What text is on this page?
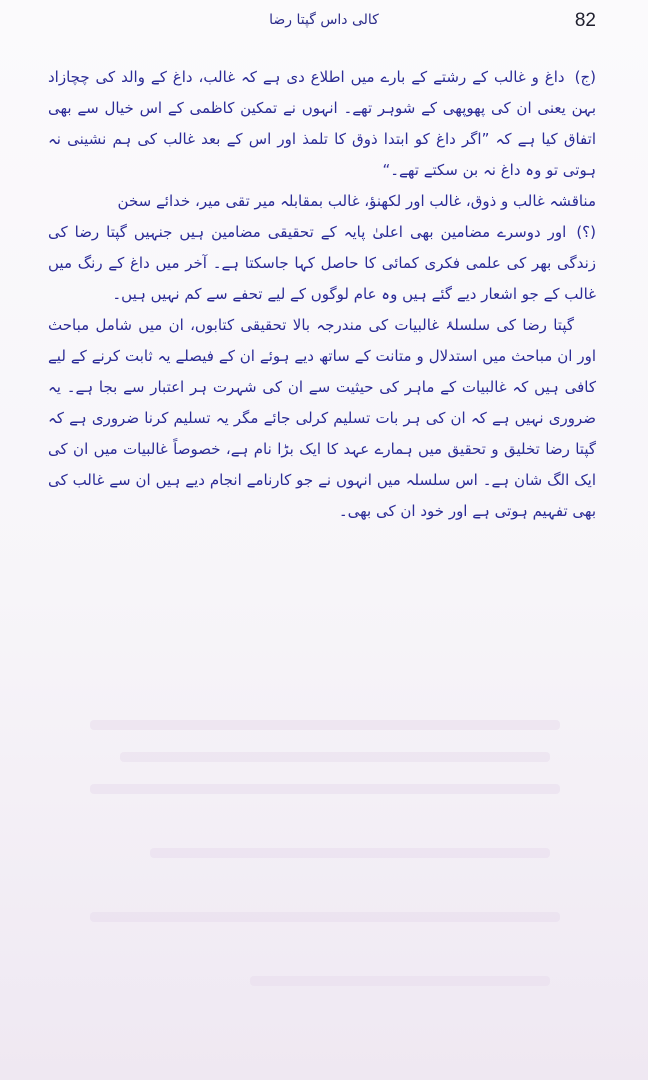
82
کالی داس گپتا رضا

(ج)داغ و غالب کے رشتے کے بارے میں اطلاع دی ہے کہ غالب، داغ کے والد کی چچازاد بہن یعنی ان کی پھوپھی کے شوہر تھے۔ انہوں نے تمکین کاظمی کے اس خیال سے بھی اتفاق کیا ہے کہ ”اگر داغ کو ابتدا ذوق کا تلمذ اور اس کے بعد غالب کی ہم نشینی نہ ہوتی تو وہ داغ نہ بن سکتے تھے۔“

مناقشہ غالب و ذوق، غالب اور لکھنؤ، غالب بمقابلہ میر تقی میر، خدائے سخن

(؟)اور دوسرے مضامین بھی اعلیٰ پایہ کے تحقیقی مضامین ہیں جنہیں گپتا رضا کی زندگی بھر کی علمی فکری کمائی کا حاصل کہا جاسکتا ہے۔ آخر میں داغ کے رنگ میں غالب کے جو اشعار دیے گئے ہیں وہ عام لوگوں کے لیے تحفے سے کم نہیں ہیں۔

گپتا رضا کی سلسلۂ غالبیات کی مندرجہ بالا تحقیقی کتابوں، ان میں شامل مباحث اور ان مباحث میں استدلال و متانت کے ساتھ دیے ہوئے ان کے فیصلے یہ ثابت کرنے کے لیے کافی ہیں کہ غالبیات کے ماہر کی حیثیت سے ان کی شہرت ہر اعتبار سے بجا ہے۔ یہ ضروری نہیں ہے کہ ان کی ہر بات تسلیم کرلی جائے مگر یہ تسلیم کرنا ضروری ہے کہ گپتا رضا تخلیق و تحقیق میں ہمارے عہد کا ایک بڑا نام ہے، خصوصاً غالبیات میں ان کی ایک الگ شان ہے۔ اس سلسلہ میں انہوں نے جو کارنامے انجام دیے ہیں ان سے غالب کی بھی تفہیم ہوتی ہے اور خود ان کی بھی۔
